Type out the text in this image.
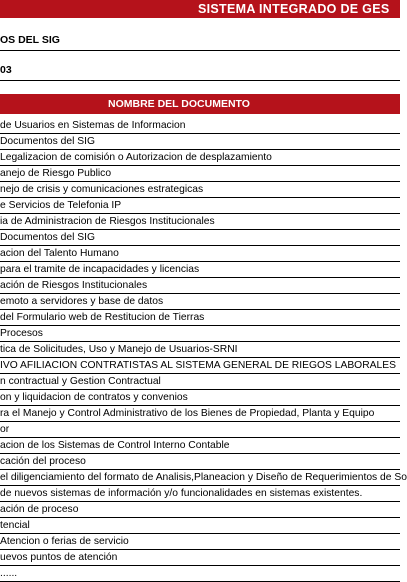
SISTEMA INTEGRADO DE GES
OS DEL SIG
03
NOMBRE DEL DOCUMENTO
de Usuarios en Sistemas de Informacion
Documentos del SIG
Legalizacion de comisión o Autorizacion de desplazamiento
anejo de Riesgo Publico
nejo de crisis y comunicaciones estrategicas
e Servicios de Telefonia IP
ia de Administracion de Riesgos Institucionales
Documentos del SIG
acion del Talento Humano
para el tramite de incapacidades y licencias
ación de Riesgos Institucionales
emoto a servidores y base de datos
del Formulario web de Restitucion de Tierras
Procesos
tica de Solicitudes, Uso y Manejo de Usuarios-SRNI
IVO AFILIACION CONTRATISTAS AL SISTEMA GENERAL DE RIEGOS LABORALES
n contractual y Gestion Contractual
on y liquidacion de contratos y convenios
ra el Manejo y Control Administrativo de los Bienes de Propiedad, Planta y Equipo
or
acion de los Sistemas de Control Interno Contable
cación del proceso
el diligenciamiento del formato de Analisis,Planeacion y Diseño de Requerimientos de So
de nuevos sistemas de información y/o funcionalidades en sistemas existentes.
ación de proceso
tencial
Atencion o ferias de servicio
uevos puntos de atención
......
